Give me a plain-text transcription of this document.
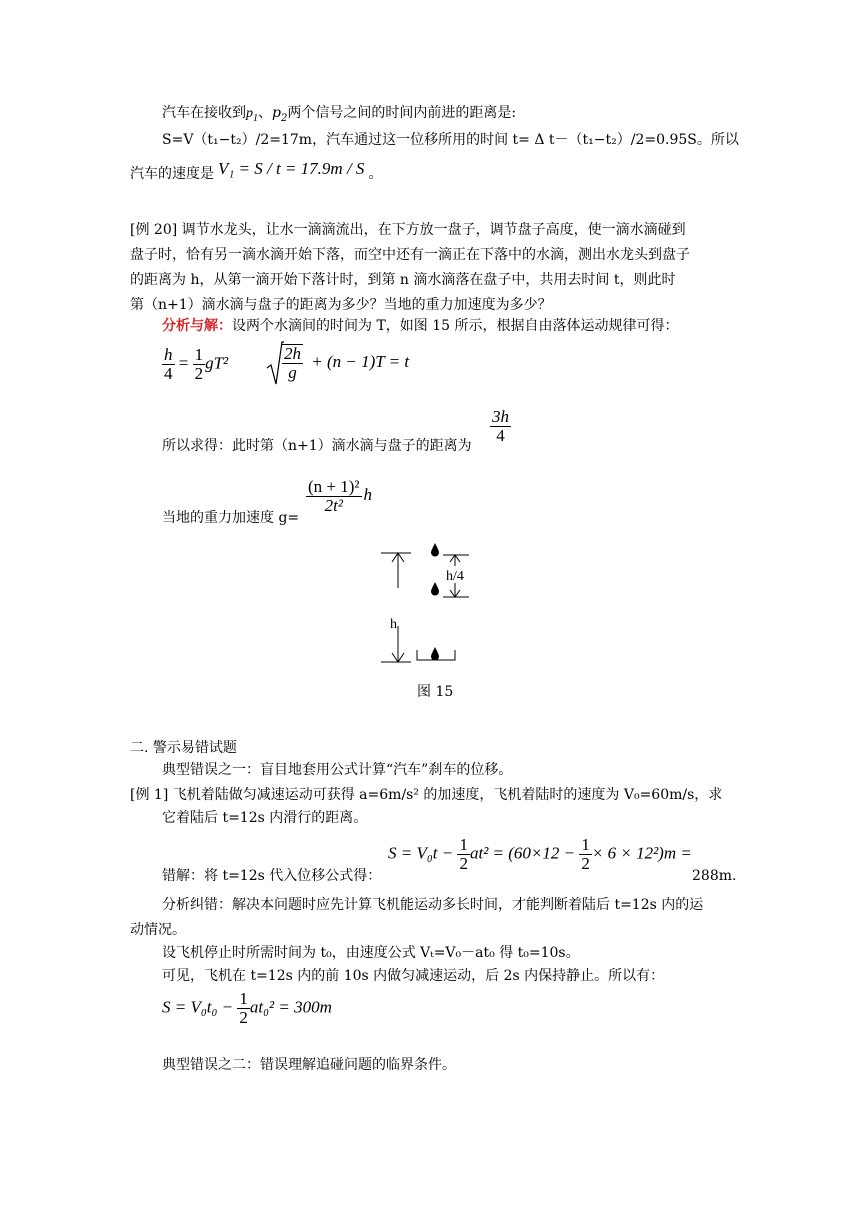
汽车在接收到$p_1$、$p_2$两个信号之间的时间内前进的距离是:
S=V（t₁−t₂）/2=17m，汽车通过这一位移所用的时间 t= Δ t－（t₁−t₂）/2=0.95S。所以
汽车的速度是 V₁ = S / t = 17.9m / S 。
[例 20] 调节水龙头，让水一滴滴流出，在下方放一盘子，调节盘子高度，使一滴水滴碰到
盘子时，恰有另一滴水滴开始下落，而空中还有一滴正在下落中的水滴，测出水龙头到盘子
的距离为 h，从第一滴开始下落计时，到第 n 滴水滴落在盘子中，共用去时间 t，则此时
第（n+1）滴水滴与盘子的距离为多少？当地的重力加速度为多少？
分析与解：设两个水滴间的时间为 T，如图 15 所示，根据自由落体运动规律可得：
$\frac{h}{4} = \frac{1}{2} gT^2$	$\frac{2h}{g} + (n - 1)T = t$
所以求得：此时第（n+1）滴水滴与盘子的距离为
$\frac{3h}{4}$
当地的重力加速度 g=
$\frac{\text{(n + 1)²}}{\text{2t²}}$ h
h/4
h
图 15
二. 警示易错试题
典型错误之一：盲目地套用公式计算“汽车”刹车的位移。
[例 1] 飞机着陆做匀减速运动可获得 a=6m/s² 的加速度，飞机着陆时的速度为 V₀=60m/s，求
它着陆后 t=12s 内滑行的距离。
错解：将 t=12s 代入位移公式得：
$S = V_0t - \frac{1}{2} at^2 = (60\times 12 - \frac{1}{2} \times 6 \times 12^2)m$ =
288m.
分析纠错：解决本问题时应先计算飞机能运动多长时间，才能判断着陆后 t=12s 内的运
动情况。
设飞机停止时所需时间为 t₀，由速度公式 Vₜ=V₀－at₀ 得 t₀=10s。
可见，飞机在 t=12s 内的前 10s 内做匀减速运动，后 2s 内保持静止。所以有：
$S = V_0t_0 - \frac{1}{2} at_0^2 = 300m$
典型错误之二：错误理解追碰问题的临界条件。
